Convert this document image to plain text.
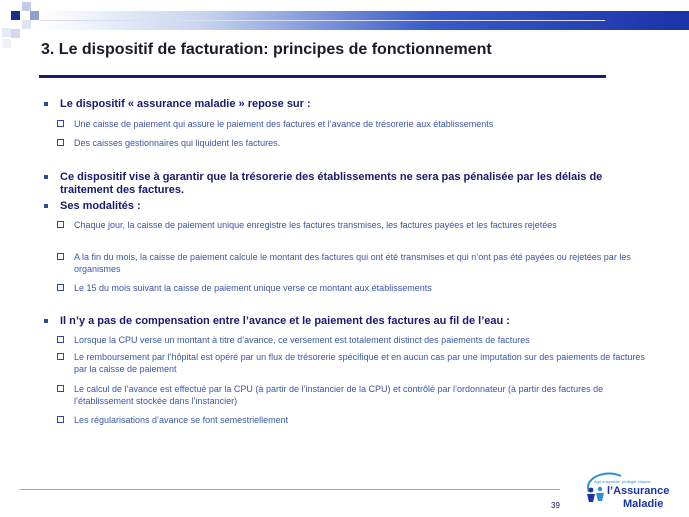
3. Le dispositif de facturation: principes de fonctionnement
Le dispositif « assurance maladie » repose sur :
Une caisse de paiement qui assure le paiement des factures et l’avance de trésorerie aux établissements
Des caisses gestionnaires qui liquident les factures.
Ce dispositif vise à garantir que la trésorerie des établissements ne sera pas pénalisée par les délais de traitement des factures.
Ses modalités :
Chaque jour, la caisse de paiement unique enregistre les factures transmises, les factures payées et les factures rejetées
A la fin du mois, la caisse de paiement calcule le montant des factures qui ont été transmises et qui n’ont pas été payées ou rejetées par les organismes
Le 15 du mois suivant la caisse de paiement unique verse ce montant aux établissements
Il n’y a pas de compensation entre l’avance et le paiement des factures au fil de l’eau :
Lorsque la CPU verse un montant à titre d’avance, ce versement est totalement distinct des paiements de factures
Le remboursement par l’hôpital est opéré par un flux de trésorerie spécifique et en aucun cas par une imputation sur des paiements de factures par la caisse de paiement
Le calcul de l’avance est effectué par la CPU (à partir de l’instancier de la CPU) et contrôlé par l’ordonnateur (à partir des factures de l’établissement stockée dans l’instancier)
Les régularisations d’avance se font semestriellement
39
Agir ensemble, protéger chacun
l’Assurance
Maladie
